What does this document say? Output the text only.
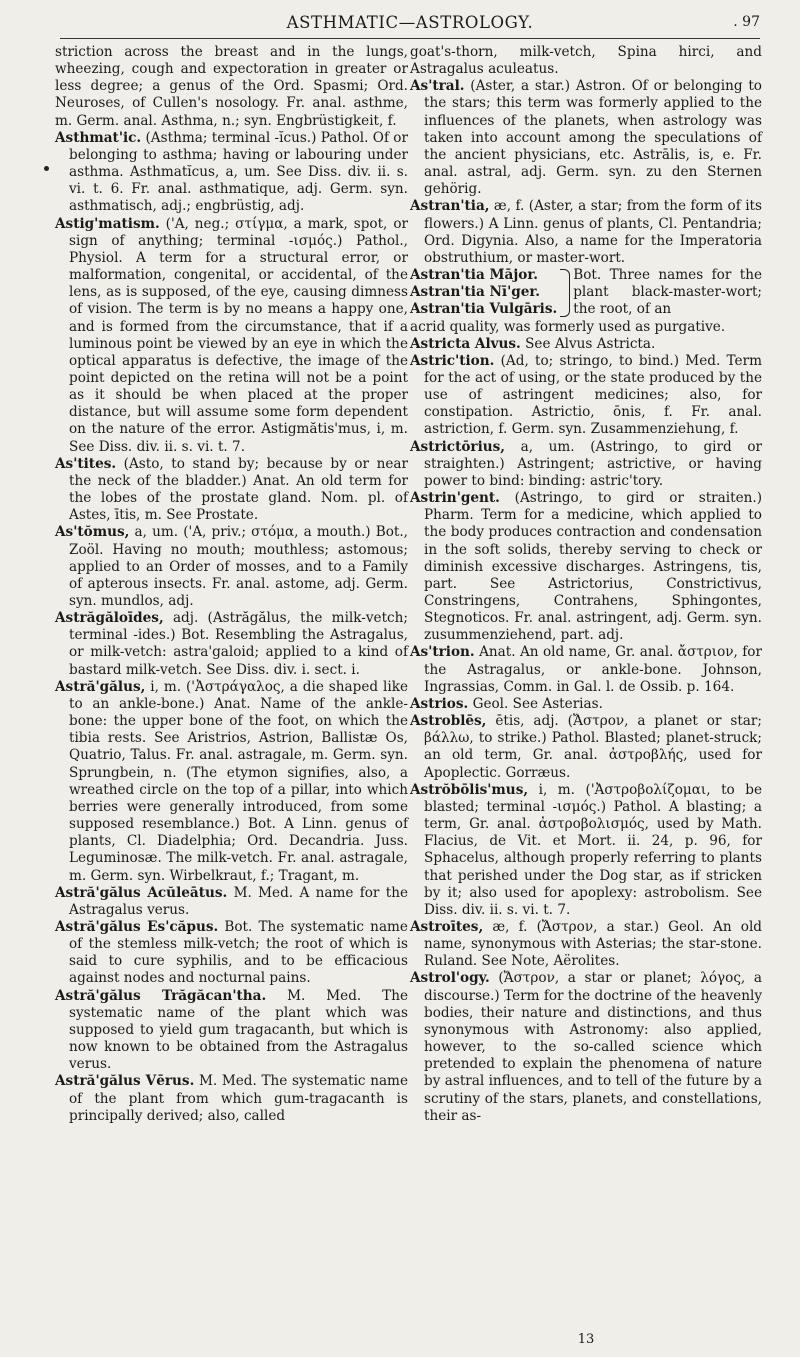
ASTHMATIC—ASTROLOGY.	. 97

striction across the breast and in the lungs, wheezing, cough and expectoration in greater or less degree; a genus of the Ord. Spasmi; Ord. Neuroses, of Cullen's nosology. Fr. anal. asthme, m. Germ. anal. Asthma, n.; syn. Engbrüstigkeit, f.

Asthmat'ic. (Asthma; terminal -ĭcus.) Pathol. Of or belonging to asthma; having or labouring under asthma. Asthmatĭcus, a, um. See Diss. div. ii. s. vi. t. 6. Fr. anal. asthmatique, adj. Germ. syn. asthmatisch, adj.; engbrüstig, adj.

Astig'matism. ('A, neg.; στίγμα, a mark, spot, or sign of anything; terminal -ισμός.) Pathol., Physiol. A term for a structural error, or malformation, congenital, or accidental, of the lens, as is supposed, of the eye, causing dimness of vision. The term is by no means a happy one, and is formed from the circumstance, that if a luminous point be viewed by an eye in which the optical apparatus is defective, the image of the point depicted on the retina will not be a point as it should be when placed at the proper distance, but will assume some form dependent on the nature of the error. Astigmătis'mus, i, m. See Diss. div. ii. s. vi. t. 7.

As'tites. (Asto, to stand by; because by or near the neck of the bladder.) Anat. An old term for the lobes of the prostate gland. Nom. pl. of Astes, ītis, m. See Prostate.

As'tŏmus, a, um. ('A, priv.; στόμα, a mouth.) Bot., Zoöl. Having no mouth; mouthless; astomous; applied to an Order of mosses, and to a Family of apterous insects. Fr. anal. astome, adj. Germ. syn. mundlos, adj.

Astrăgăloīdes, adj. (Astrăgălus, the milk-vetch; terminal -ides.) Bot. Resembling the Astragalus, or milk-vetch: astra'galoid; applied to a kind of bastard milk-vetch. See Diss. div. i. sect. i.

Astră'gălus, i, m. ('Ἀστράγαλος, a die shaped like to an ankle-bone.) Anat. Name of the ankle-bone: the upper bone of the foot, on which the tibia rests. See Aristrios, Astrion, Ballistæ Os, Quatrio, Talus. Fr. anal. astragale, m. Germ. syn. Sprungbein, n. (The etymon signifies, also, a wreathed circle on the top of a pillar, into which berries were generally introduced, from some supposed resemblance.) Bot. A Linn. genus of plants, Cl. Diadelphia; Ord. Decandria. Juss. Leguminosæ. The milk-vetch. Fr. anal. astragale, m. Germ. syn. Wirbelkraut, f.; Tragant, m.

Astră'gălus Acŭleātus. M. Med. A name for the Astragalus verus.

Astră'gălus Es'căpus. Bot. The systematic name of the stemless milk-vetch; the root of which is said to cure syphilis, and to be efficacious against nodes and nocturnal pains.

Astră'gălus Trăgăcan'tha. M. Med. The systematic name of the plant which was supposed to yield gum tragacanth, but which is now known to be obtained from the Astragalus verus.

Astră'gălus Vērus. M. Med. The systematic name of the plant from which gum-tragacanth is principally derived; also, called

goat's-thorn, milk-vetch, Spina hirci, and Astragalus aculeatus.

As'tral. (Aster, a star.) Astron. Of or belonging to the stars; this term was formerly applied to the influences of the planets, when astrology was taken into account among the speculations of the ancient physicians, etc. Astrālis, is, e. Fr. anal. astral, adj. Germ. syn. zu den Sternen gehörig.

Astran'tia, æ, f. (Aster, a star; from the form of its flowers.) A Linn. genus of plants, Cl. Pentandria; Ord. Digynia. Also, a name for the Imperatoria obstruthium, or master-wort.

Astran'tia Mājor.
Astran'tia Nī'ger.
Astran'tia Vulgāris.
Bot. Three names for the plant black-master-wort; the root, of an

acrid quality, was formerly used as purgative.

Astricta Alvus. See Alvus Astricta.

Astric'tion. (Ad, to; stringo, to bind.) Med. Term for the act of using, or the state produced by the use of astringent medicines; also, for constipation. Astrictio, ōnis, f. Fr. anal. astriction, f. Germ. syn. Zusammenziehung, f.

Astrictōrius, a, um. (Astringo, to gird or straighten.) Astringent; astrictive, or having power to bind: binding: astric'tory.

Astrin'gent. (Astringo, to gird or straiten.) Pharm. Term for a medicine, which applied to the body produces contraction and condensation in the soft solids, thereby serving to check or diminish excessive discharges. Astringens, tis, part. See Astrictorius, Constrictivus, Constringens, Contrahens, Sphingontes, Stegnoticos. Fr. anal. astringent, adj. Germ. syn. zusummenziehend, part. adj.

As'trion. Anat. An old name, Gr. anal. ἄστριον, for the Astragalus, or ankle-bone. Johnson, Ingrassias, Comm. in Gal. l. de Ossib. p. 164.

Astrios. Geol. See Asterias.

Astroblēs, ētis, adj. (Ἄστρον, a planet or star; βάλλω, to strike.) Pathol. Blasted; planet-struck; an old term, Gr. anal. ἀστροβλής, used for Apoplectic. Gorræus.

Astrŏbōlis'mus, i, m. ('Ἀστροβολίζομαι, to be blasted; terminal -ισμός.) Pathol. A blasting; a term, Gr. anal. ἀστροβολισμός, used by Math. Flacius, de Vit. et Mort. ii. 24, p. 96, for Sphacelus, although properly referring to plants that perished under the Dog star, as if stricken by it; also used for apoplexy: astrobolism. See Diss. div. ii. s. vi. t. 7.

Astroītes, æ, f. (Ἄστρον, a star.) Geol. An old name, synonymous with Asterias; the star-stone. Ruland. See Note, Aërolites.

Astrol'ogy. (Ἄστρον, a star or planet; λόγος, a discourse.) Term for the doctrine of the heavenly bodies, their nature and distinctions, and thus synonymous with Astronomy: also applied, however, to the so-called science which pretended to explain the phenomena of nature by astral influences, and to tell of the future by a scrutiny of the stars, planets, and constellations, their as-

13
